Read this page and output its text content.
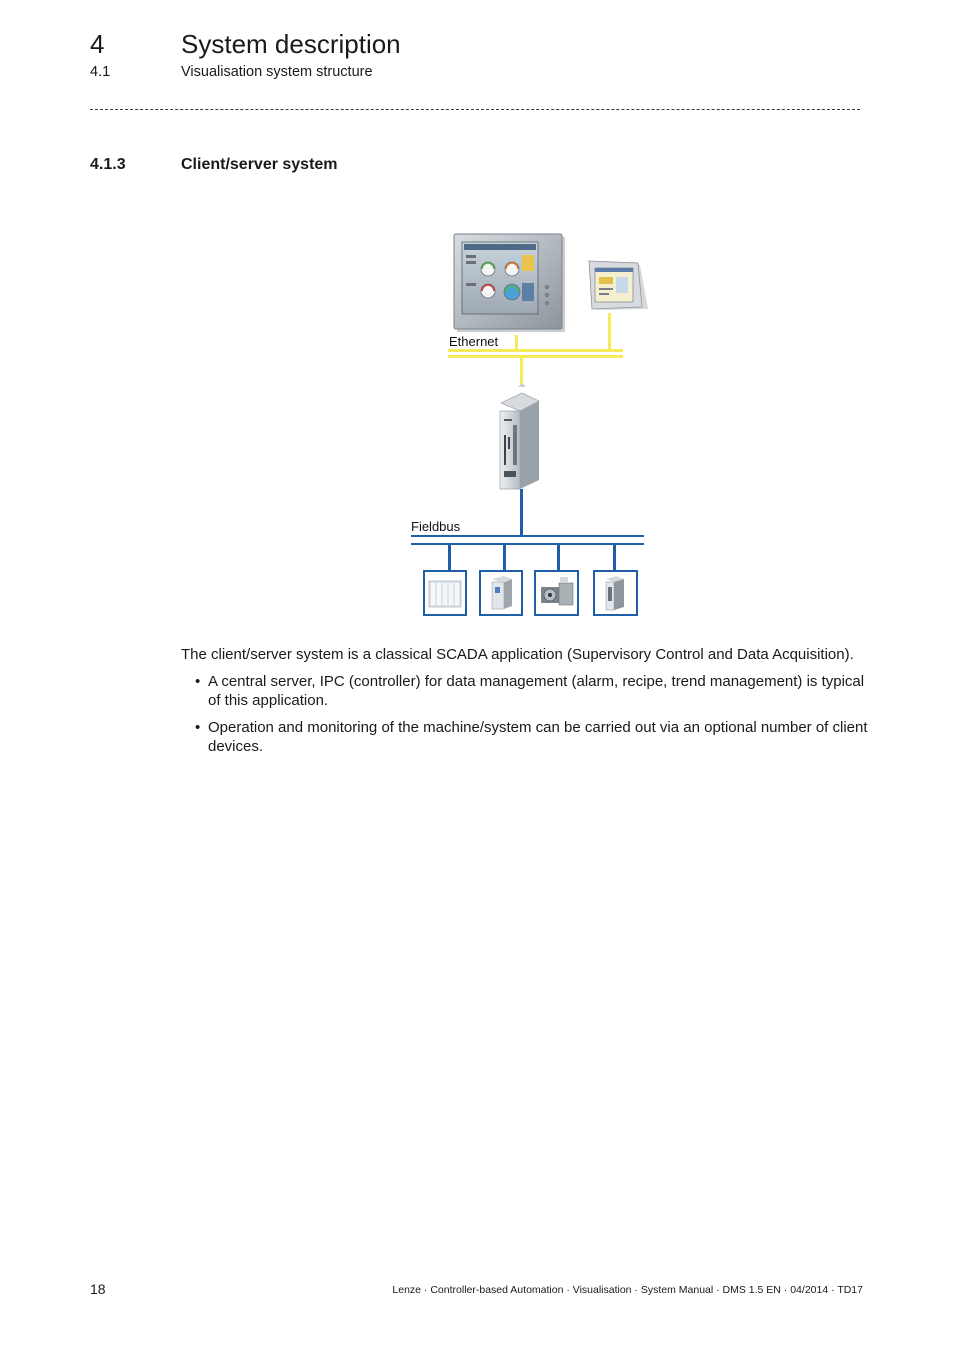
4	System description
4.1	Visualisation system structure
4.1.3	Client/server system
Ethernet
Fieldbus

The client/server system is a classical SCADA application (Supervisory Control and Data Acquisition).

• A central server, IPC (controller) for data management (alarm, recipe, trend management) is typical of this application.
• Operation and monitoring of the machine/system can be carried out via an optional number of client devices.
18	Lenze · Controller-based Automation · Visualisation · System Manual · DMS 1.5 EN · 04/2014 · TD17
